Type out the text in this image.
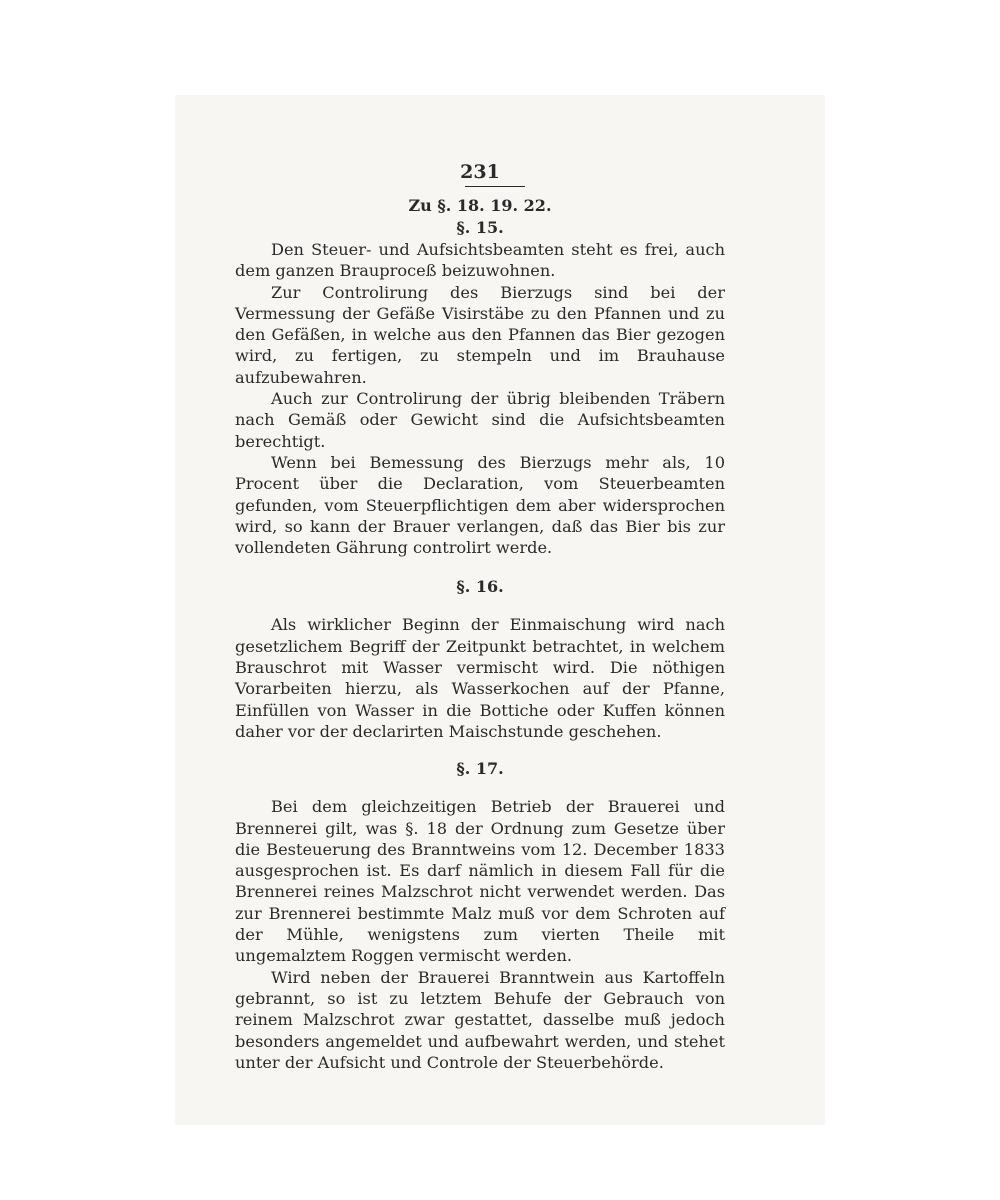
231
Zu §. 18. 19. 22.
§. 15.

Den Steuer- und Aufsichtsbeamten steht es frei, auch dem ganzen Brauproceß beizuwohnen.

Zur Controlirung des Bierzugs sind bei der Vermessung der Gefäße Visirstäbe zu den Pfannen und zu den Gefäßen, in welche aus den Pfannen das Bier gezogen wird, zu fertigen, zu stempeln und im Brauhause aufzubewahren.

Auch zur Controlirung der übrig bleibenden Träbern nach Gemäß oder Gewicht sind die Aufsichtsbeamten berechtigt.

Wenn bei Bemessung des Bierzugs mehr als, 10 Procent über die Declaration, vom Steuerbeamten gefunden, vom Steuerpflichtigen dem aber widersprochen wird, so kann der Brauer verlangen, daß das Bier bis zur vollendeten Gährung controlirt werde.

§. 16.

Als wirklicher Beginn der Einmaischung wird nach gesetzlichem Begriff der Zeitpunkt betrachtet, in welchem Brauschrot mit Wasser vermischt wird. Die nöthigen Vorarbeiten hierzu, als Wasserkochen auf der Pfanne, Einfüllen von Wasser in die Bottiche oder Kuffen können daher vor der declarirten Maischstunde geschehen.

§. 17.

Bei dem gleichzeitigen Betrieb der Brauerei und Brennerei gilt, was §. 18 der Ordnung zum Gesetze über die Besteuerung des Branntweins vom 12. December 1833 ausgesprochen ist. Es darf nämlich in diesem Fall für die Brennerei reines Malzschrot nicht verwendet werden. Das zur Brennerei bestimmte Malz muß vor dem Schroten auf der Mühle, wenigstens zum vierten Theile mit ungemalztem Roggen vermischt werden.

Wird neben der Brauerei Branntwein aus Kartoffeln gebrannt, so ist zu letztem Behufe der Gebrauch von reinem Malzschrot zwar gestattet, dasselbe muß jedoch besonders angemeldet und aufbewahrt werden, und stehet unter der Aufsicht und Controle der Steuerbehörde.
